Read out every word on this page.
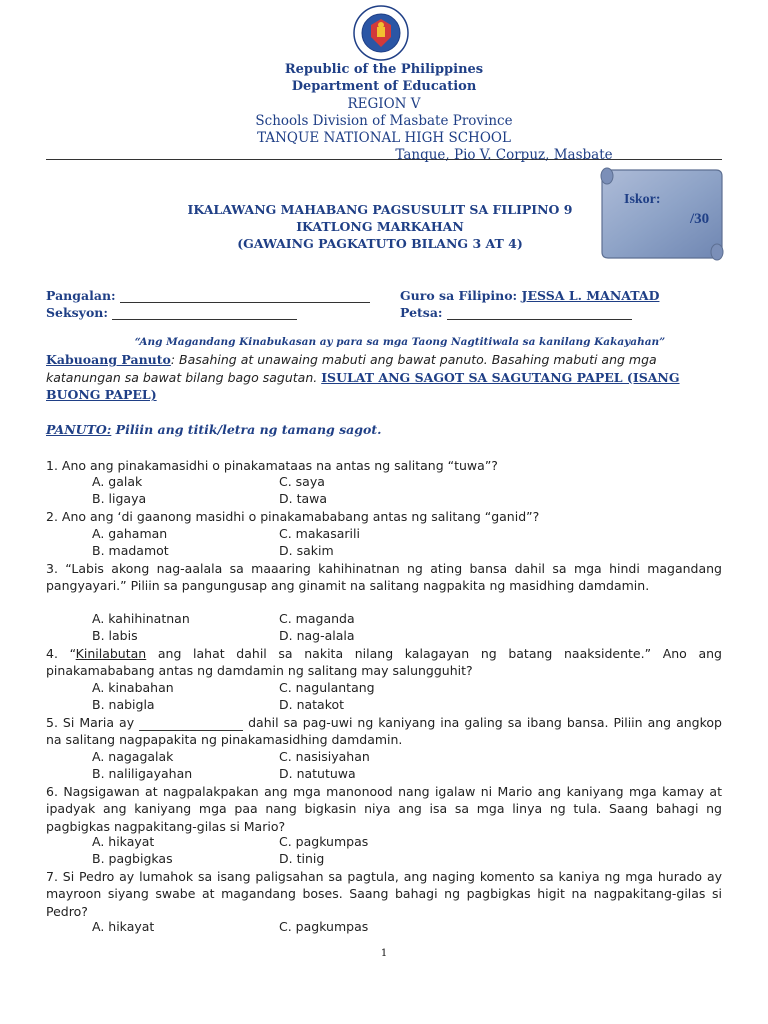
Republic of the Philippines
Department of Education
REGION V
Schools Division of Masbate Province
TANQUE NATIONAL HIGH SCHOOL
Tanque, Pio V. Corpuz, Masbate
Iskor:
/30
IKALAWANG MAHABANG PAGSUSULIT SA FILIPINO 9
IKATLONG MARKAHAN
(GAWAING PAGKATUTO BILANG 3 AT 4)
Pangalan:	Guro sa Filipino: JESSA L. MANATAD
Seksyon:	Petsa:
“Ang Magandang Kinabukasan ay para sa mga Taong Nagtitiwala sa kanilang Kakayahan”
Kabuoang Panuto: Basahing at unawaing mabuti ang bawat panuto. Basahing mabuti ang mga katanungan sa bawat bilang bago sagutan. ISULAT ANG SAGOT SA SAGUTANG PAPEL (ISANG BUONG PAPEL)
PANUTO: Piliin ang titik/letra ng tamang sagot.
1. Ano ang pinakamasidhi o pinakamataas na antas ng salitang “tuwa”?
A. galak	C. saya
B. ligaya	D. tawa
2. Ano ang ‘di gaanong masidhi o pinakamababang antas ng salitang “ganid”?
A. gahaman	C. makasarili
B. madamot	D. sakim
3. “Labis akong nag-aalala sa maaaring kahihinatnan ng ating bansa dahil sa mga hindi magandang pangyayari.” Piliin sa pangungusap ang ginamit na salitang nagpakita ng masidhing damdamin.
A. kahihinatnan	C. maganda
B. labis	D. nag-alala
4. “Kinilabutan ang lahat dahil sa nakita nilang kalagayan ng batang naaksidente.” Ano ang pinakamababang antas ng damdamin ng salitang may salungguhit?
A. kinabahan	C. nagulantang
B. nabigla	D. natakot
5. Si Maria ay	dahil sa pag-uwi ng kaniyang ina galing sa ibang bansa. Piliin ang angkop na salitang nagpapakita ng pinakamasidhing damdamin.
A. nagagalak	C. nasisiyahan
B. naliligayahan	D. natutuwa
6. Nagsigawan at nagpalakpakan ang mga manonood nang igalaw ni Mario ang kaniyang mga kamay at ipadyak ang kaniyang mga paa nang bigkasin niya ang isa sa mga linya ng tula. Saang bahagi ng pagbigkas nagpakitang-gilas si Mario?
A. hikayat	C. pagkumpas
B. pagbigkas	D. tinig
7. Si Pedro ay lumahok sa isang paligsahan sa pagtula, ang naging komento sa kaniya ng mga hurado ay mayroon siyang swabe at magandang boses. Saang bahagi ng pagbigkas higit na nagpakitang-gilas si Pedro?
A. hikayat	C. pagkumpas
1
